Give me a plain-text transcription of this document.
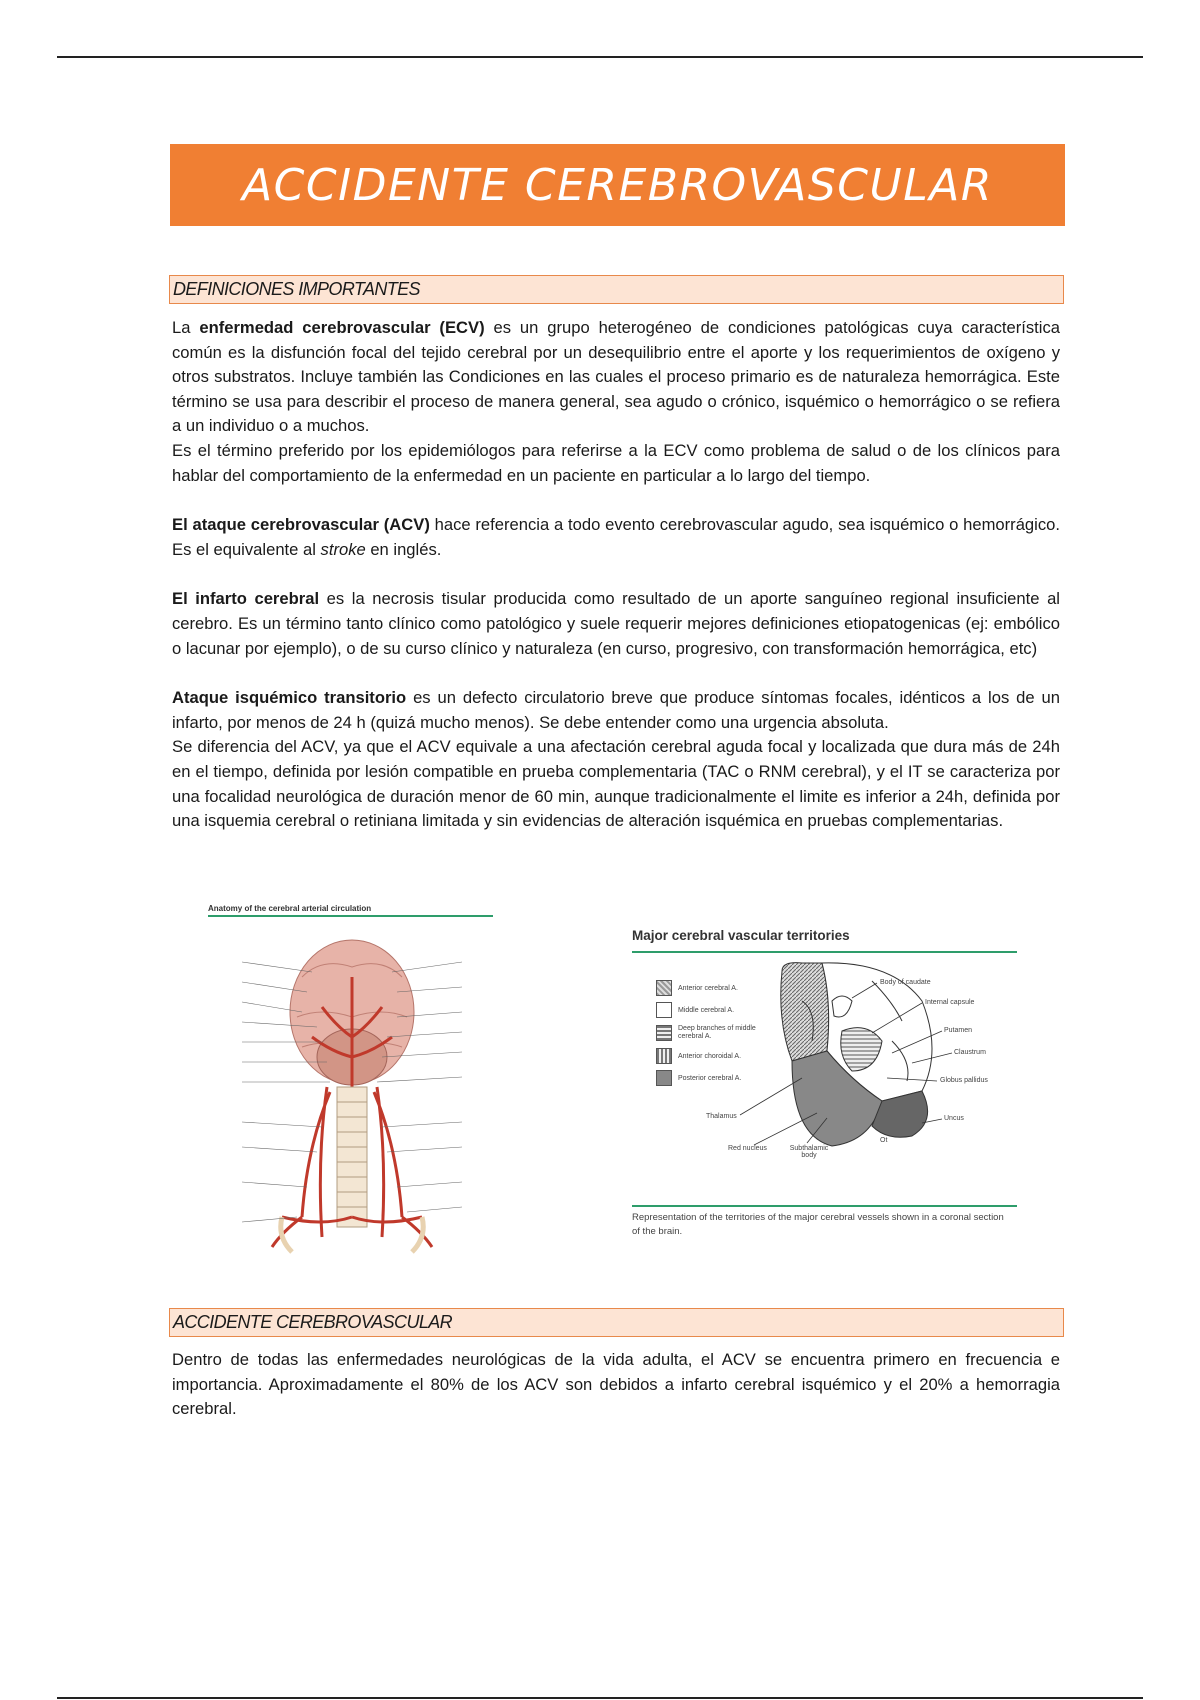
ACCIDENTE CEREBROVASCULAR
DEFINICIONES IMPORTANTES

La enfermedad cerebrovascular (ECV) es un grupo heterogéneo de condiciones patológicas cuya característica común es la disfunción focal del tejido cerebral por un desequilibrio entre el aporte y los requerimientos de oxígeno y otros substratos. Incluye también las Condiciones en las cuales el proceso primario es de naturaleza hemorrágica. Este término se usa para describir el proceso de manera general, sea agudo o crónico, isquémico o hemorrágico o se refiera a un individuo o a muchos.

Es el término preferido por los epidemiólogos para referirse a la ECV como problema de salud o de los clínicos para hablar del comportamiento de la enfermedad en un paciente en particular a lo largo del tiempo.

El ataque cerebrovascular (ACV) hace referencia a todo evento cerebrovascular agudo, sea isquémico o hemorrágico. Es el equivalente al stroke en inglés.

El infarto cerebral es la necrosis tisular producida como resultado de un aporte sanguíneo regional insuficiente al cerebro. Es un término tanto clínico como patológico y suele requerir mejores definiciones etiopatogenicas (ej: embólico o lacunar por ejemplo), o de su curso clínico y naturaleza (en curso, progresivo, con transformación hemorrágica, etc)

Ataque isquémico transitorio es un defecto circulatorio breve que produce síntomas focales, idénticos a los de un infarto, por menos de 24 h (quizá mucho menos). Se debe entender como una urgencia absoluta.

Se diferencia del ACV, ya que el ACV equivale a una afectación cerebral aguda focal y localizada que dura más de 24h en el tiempo, definida por lesión compatible en prueba complementaria (TAC o RNM cerebral), y el IT se caracteriza por una focalidad neurológica de duración menor de 60 min, aunque tradicionalmente el limite es inferior a 24h, definida por una isquemia cerebral o retiniana limitada y sin evidencias de alteración isquémica en pruebas complementarias.

Anatomy of the cerebral arterial circulation
Major cerebral vascular territories
Anterior cerebral A.
Middle cerebral A.
Deep branches of middle cerebral A.
Anterior choroidal A.
Posterior cerebral A.
Body of caudate
Internal capsule
Putamen
Claustrum
Globus pallidus
Uncus
Thalamus
Red nucleus	Subthalamic body
Ot
Representation of the territories of the major cerebral vessels shown in a coronal section of the brain.
ACCIDENTE CEREBROVASCULAR

Dentro de todas las enfermedades neurológicas de la vida adulta, el ACV se encuentra primero en frecuencia e importancia. Aproximadamente el 80% de los ACV son debidos a infarto cerebral isquémico y el 20% a hemorragia cerebral.
